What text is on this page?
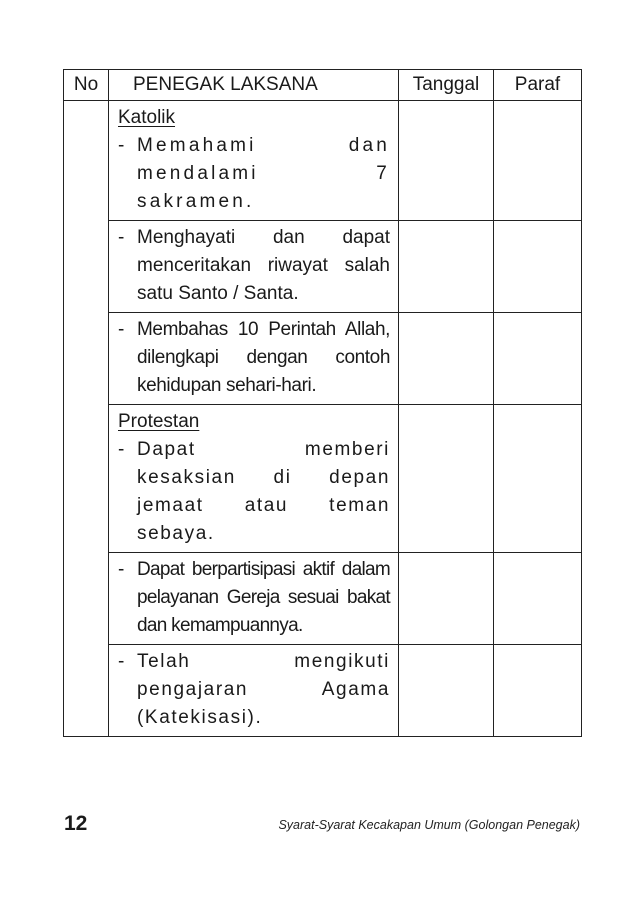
No	PENEGAK LAKSANA	Tanggal	Paraf

	Katolik
- Memahami dan mendalami 7 sakramen.		

	- Menghayati dan dapat menceritakan riwayat salah satu Santo / Santa.		

	- Membahas 10 Perintah Allah, dilengkapi dengan contoh kehidupan sehari-hari.		

	Protestan
- Dapat memberi kesaksian di depan jemaat atau teman sebaya.		

	- Dapat berpartisipasi aktif dalam pelayanan Gereja sesuai bakat dan kemampuannya.		

	- Telah mengikuti pengajaran Agama (Katekisasi).		

12	Syarat-Syarat Kecakapan Umum (Golongan Penegak)
